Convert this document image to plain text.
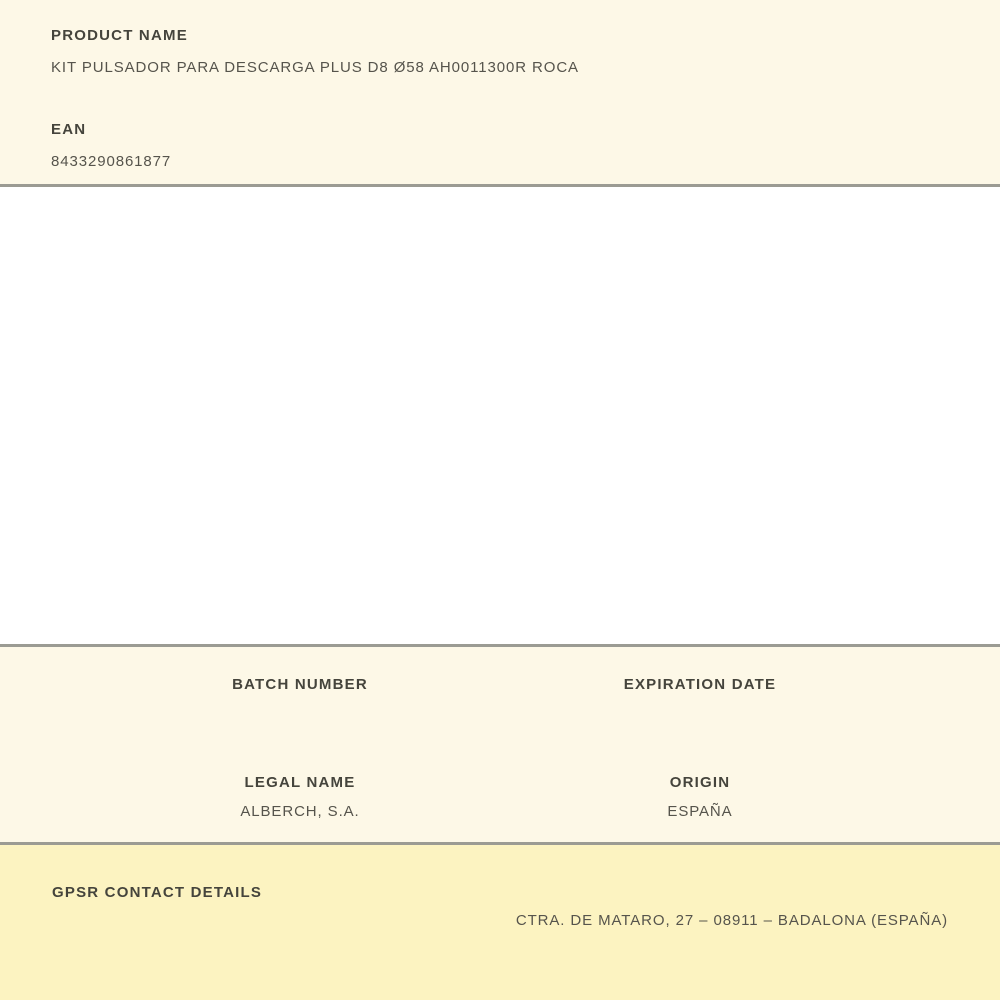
PRODUCT NAME
KIT PULSADOR PARA DESCARGA PLUS D8 Ø58 AH0011300R ROCA
EAN
8433290861877
BATCH NUMBER	EXPIRATION DATE
LEGAL NAME
ALBERCH, S.A.
ORIGIN
ESPAÑA
GPSR CONTACT DETAILS
CTRA. DE MATARO, 27 – 08911 – BADALONA (ESPAÑA)
